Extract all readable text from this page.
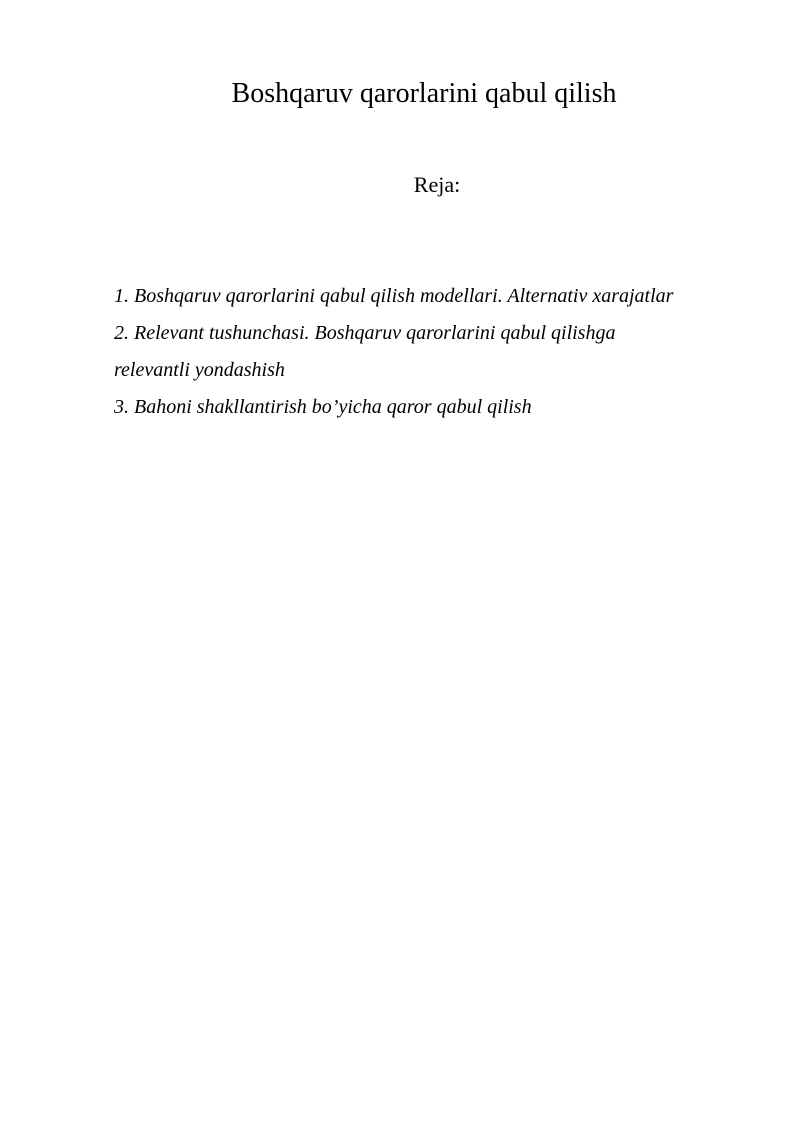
Boshqaruv qarorlarini qabul qilish
Reja:
1. Boshqaruv qarorlarini qabul qilish modellari. Alternativ xarajatlar
2. Relevant tushunchasi. Boshqaruv qarorlarini qabul qilishga
relevantli yondashish
3. Bahoni shakllantirish bo’yicha qaror qabul qilish
